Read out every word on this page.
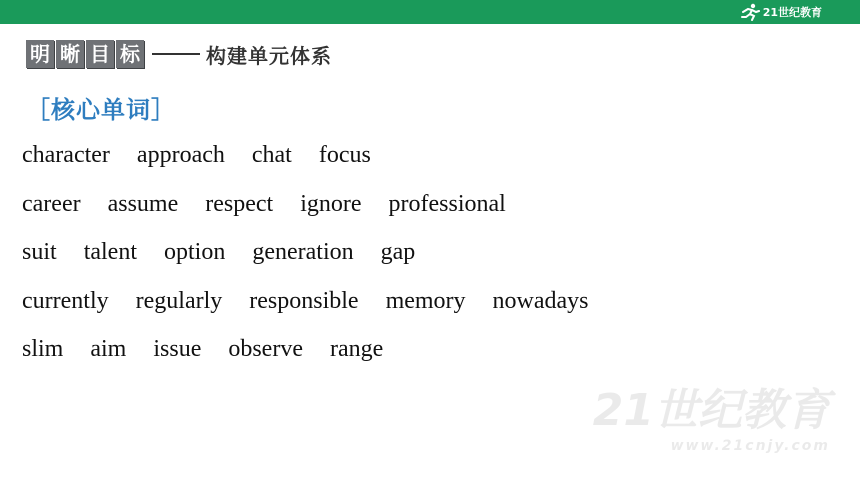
21世纪教育
明 晰 目 标	构建单元体系
［核心单词］
character approach chat focus
career assume respect ignore professional
suit talent option generation gap
currently regularly responsible memory nowadays
slim aim issue observe range
21世纪教育
www.21cnjy.com
